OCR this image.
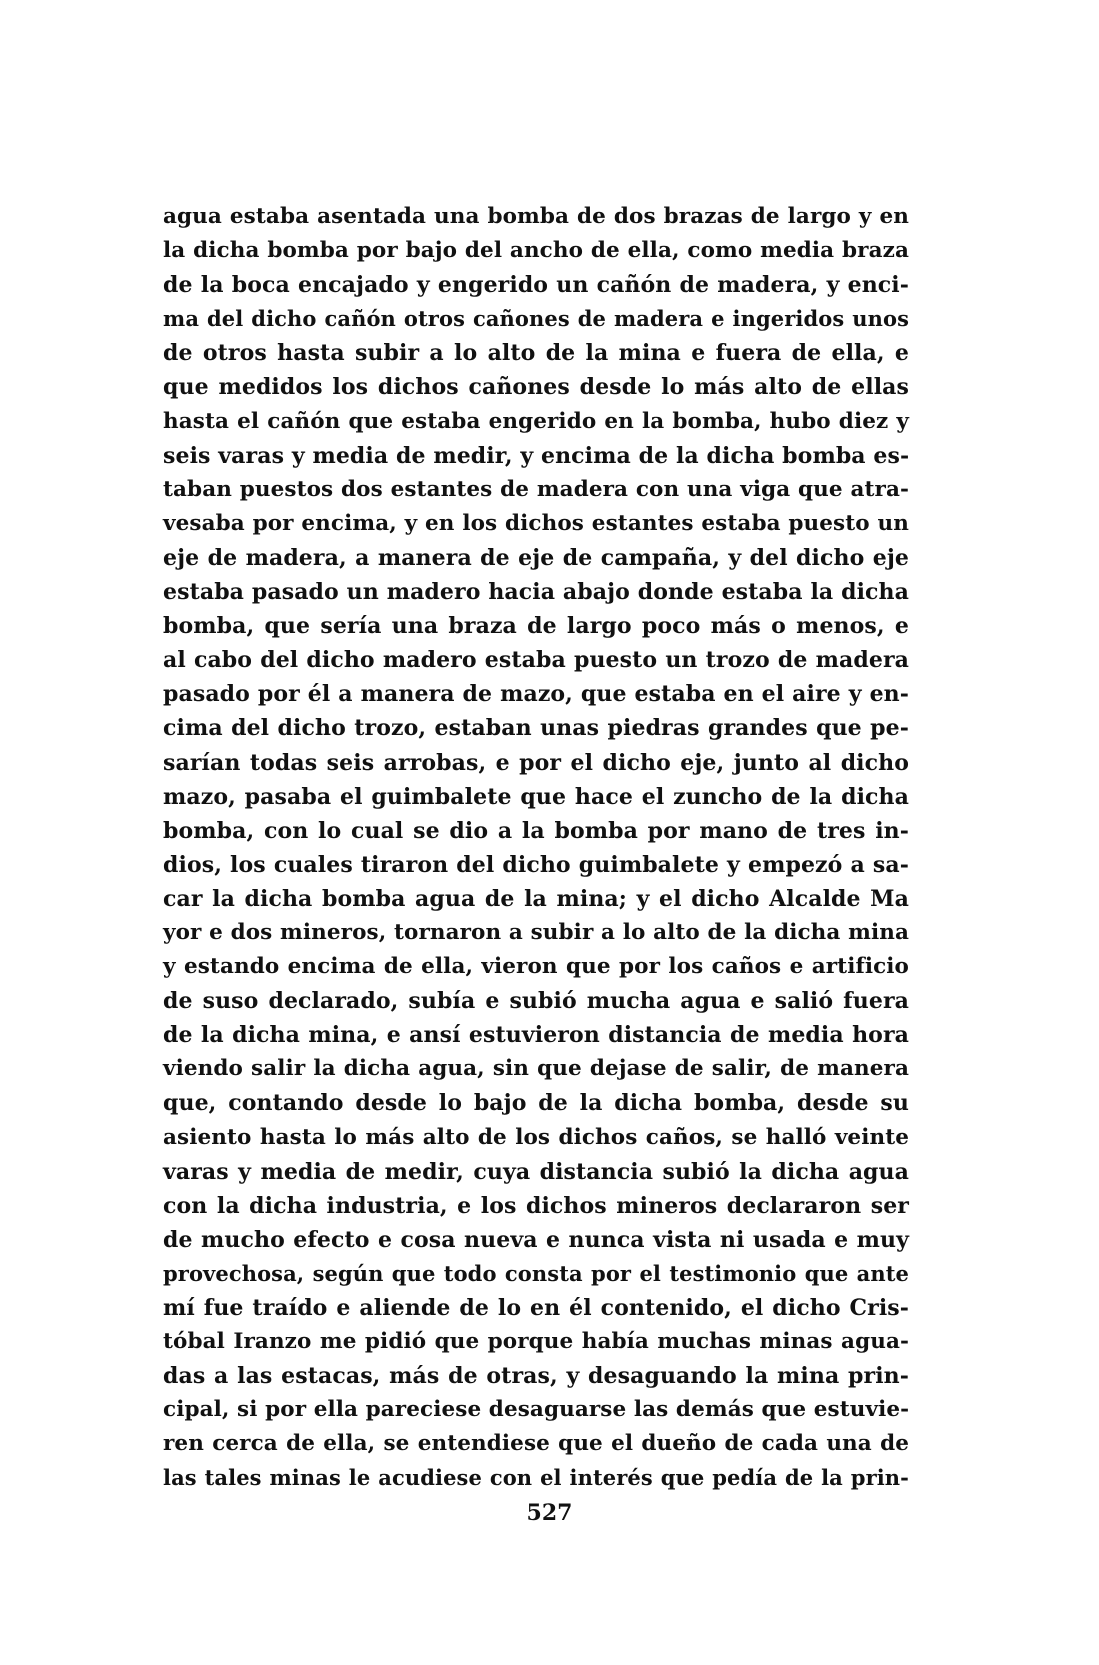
agua estaba asentada una bomba de dos brazas de largo y en
la dicha bomba por bajo del ancho de ella, como media braza
de la boca encajado y engerido un cañón de madera, y enci-
ma del dicho cañón otros cañones de madera e ingeridos unos
de otros hasta subir a lo alto de la mina e fuera de ella, e
que medidos los dichos cañones desde lo más alto de ellas
hasta el cañón que estaba engerido en la bomba, hubo diez y
seis varas y media de medir, y encima de la dicha bomba es-
taban puestos dos estantes de madera con una viga que atra-
vesaba por encima, y en los dichos estantes estaba puesto un
eje de madera, a manera de eje de campaña, y del dicho eje
estaba pasado un madero hacia abajo donde estaba la dicha
bomba, que sería una braza de largo poco más o menos, e
al cabo del dicho madero estaba puesto un trozo de madera
pasado por él a manera de mazo, que estaba en el aire y en-
cima del dicho trozo, estaban unas piedras grandes que pe-
sarían todas seis arrobas, e por el dicho eje, junto al dicho
mazo, pasaba el guimbalete que hace el zuncho de la dicha
bomba, con lo cual se dio a la bomba por mano de tres in-
dios, los cuales tiraron del dicho guimbalete y empezó a sa-
car la dicha bomba agua de la mina; y el dicho Alcalde Ma
yor e dos mineros, tornaron a subir a lo alto de la dicha mina
y estando encima de ella, vieron que por los caños e artificio
de suso declarado, subía e subió mucha agua e salió fuera
de la dicha mina, e ansí estuvieron distancia de media hora
viendo salir la dicha agua, sin que dejase de salir, de manera
que, contando desde lo bajo de la dicha bomba, desde su
asiento hasta lo más alto de los dichos caños, se halló veinte
varas y media de medir, cuya distancia subió la dicha agua
con la dicha industria, e los dichos mineros declararon ser
de mucho efecto e cosa nueva e nunca vista ni usada e muy
provechosa, según que todo consta por el testimonio que ante
mí fue traído e aliende de lo en él contenido, el dicho Cris-
tóbal Iranzo me pidió que porque había muchas minas agua-
das a las estacas, más de otras, y desaguando la mina prin-
cipal, si por ella pareciese desaguarse las demás que estuvie-
ren cerca de ella, se entendiese que el dueño de cada una de
las tales minas le acudiese con el interés que pedía de la prin-
527
